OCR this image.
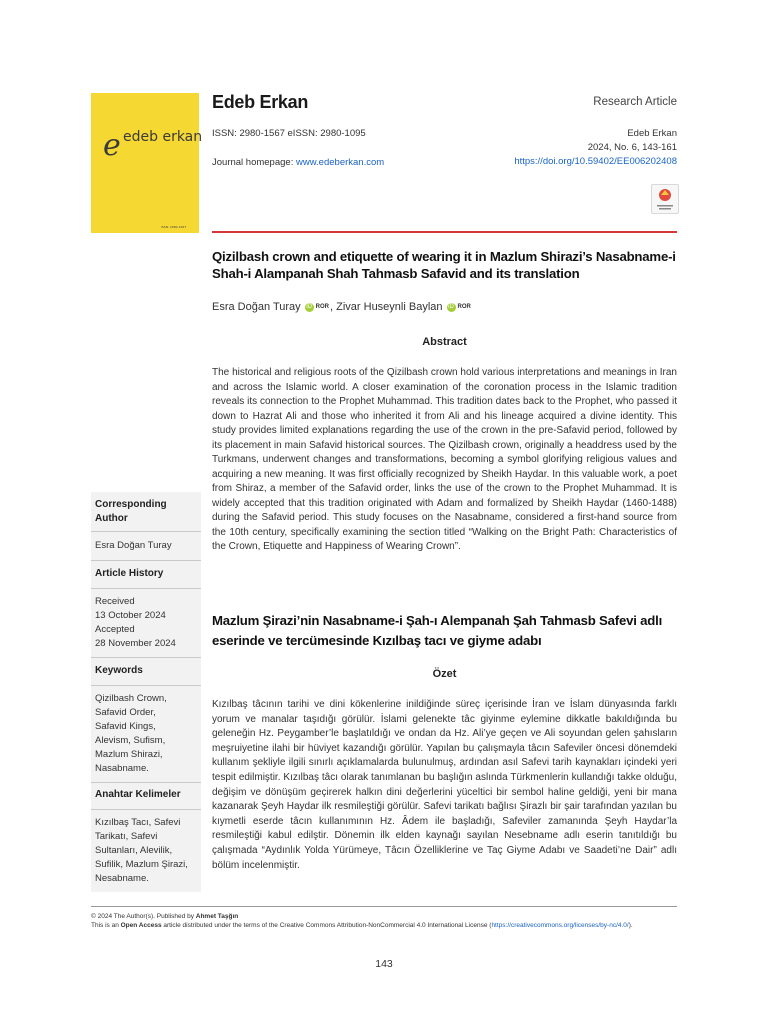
e edeb erkan
ISSN: 2980-1567
Edeb Erkan
ISSN: 2980-1567 eISSN: 2980-1095
Journal homepage: www.edeberkan.com
Research Article
Edeb Erkan
2024, No. 6, 143-161
https://doi.org/10.59402/EE006202408
Qizilbash crown and etiquette of wearing it in Mazlum Shirazi’s Nasabname-i Shah-i Alampanah Shah Tahmasb Safavid and its translation
Esra Doğan Turay iD ROR, Zivar Huseynli Baylan iD ROR
Abstract
The historical and religious roots of the Qizilbash crown hold various interpretations and meanings in Iran and across the Islamic world. A closer examination of the coronation process in the Islamic tradition reveals its connection to the Prophet Muhammad. This tradition dates back to the Prophet, who passed it down to Hazrat Ali and those who inherited it from Ali and his lineage acquired a divine identity. This study provides limited explanations regarding the use of the crown in the pre-Safavid period, followed by its placement in main Safavid historical sources. The Qizilbash crown, originally a headdress used by the Turkmans, underwent changes and transformations, becoming a symbol glorifying religious values and acquiring a new meaning. It was first officially recognized by Sheikh Haydar. In this valuable work, a poet from Shiraz, a member of the Safavid order, links the use of the crown to the Prophet Muhammad. It is widely accepted that this tradition originated with Adam and formalized by Sheikh Haydar (1460-1488) during the Safavid period. This study focuses on the Nasabname, considered a first-hand source from the 10th century, specifically examining the section titled “Walking on the Bright Path: Characteristics of the Crown, Etiquette and Happiness of Wearing Crown”.
Mazlum Şirazi’nin Nasabname-i Şah-ı Alempanah Şah Tahmasb Safevi adlı eserinde ve tercümesinde Kızılbaş tacı ve giyme adabı
Özet
Kızılbaş tâcının tarihi ve dini kökenlerine inildiğinde süreç içerisinde İran ve İslam dünyasında farklı yorum ve manalar taşıdığı görülür. İslami gelenekte tâc giyinme eylemine dikkatle bakıldığında bu geleneğin Hz. Peygamber’le başlatıldığı ve ondan da Hz. Ali’ye geçen ve Ali soyundan gelen şahısların meşruiyetine ilahi bir hüviyet kazandığı görülür. Yapılan bu çalışmayla tâcın Safeviler öncesi dönemdeki kullanım şekliyle ilgili sınırlı açıklamalarda bulunulmuş, ardından asıl Safevi tarih kaynakları içindeki yeri tespit edilmiştir. Kızılbaş tâcı olarak tanımlanan bu başlığın aslında Türkmenlerin kullandığı takke olduğu, değişim ve dönüşüm geçirerek halkın dini değerlerini yüceltici bir sembol haline geldiği, yeni bir mana kazanarak Şeyh Haydar ilk resmileştiği görülür. Safevi tarikatı bağlısı Şirazlı bir şair tarafından yazılan bu kıymetli eserde tâcın kullanımının Hz. Âdem ile başladığı, Safeviler zamanında Şeyh Haydar’la resmileştiği kabul edilştir. Dönemin ilk elden kaynağı sayılan Nesebname adlı eserin tanıtıldığı bu çalışmada “Aydınlık Yolda Yürümeye, Tâcın Özelliklerine ve Taç Giyme Adabı ve Saadeti’ne Dair” adlı bölüm incelenmiştir.
Corresponding Author
Esra Doğan Turay
Article History
Received
13 October 2024
Accepted
28 November 2024
Keywords
Qizilbash Crown, Safavid Order, Safavid Kings, Alevism, Sufism, Mazlum Shirazi, Nasabname.
Anahtar Kelimeler
Kızılbaş Tacı, Safevi Tarikatı, Safevi Sultanları, Alevilik, Sufilik, Mazlum Şirazi, Nesabname.
© 2024 The Author(s). Published by Ahmet Taşğın
This is an Open Access article distributed under the terms of the Creative Commons Attribution-NonCommercial 4.0 International License (https://creativecommons.org/licenses/by-nc/4.0/).
143
